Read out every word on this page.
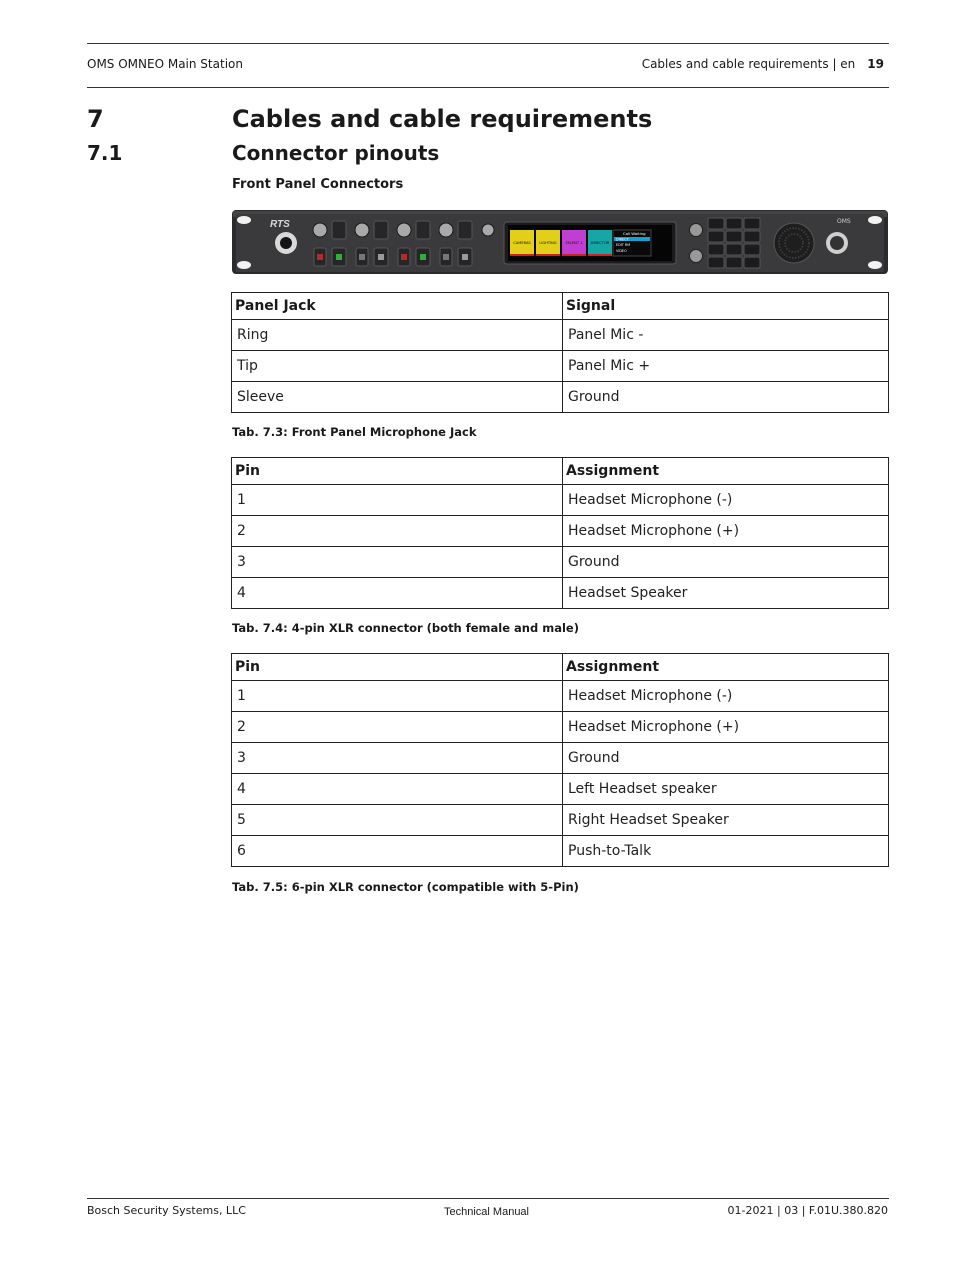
OMS OMNEO Main Station	Cables and cable requirements | en 19
7	Cables and cable requirements
7.1	Connector pinouts
Front Panel Connectors
RTS
CAMERAS LIGHTING TALENT 1 DIRECTOR
Call Waiting
DIRECT
EDIT RM
VIDEO
OMS
Panel Jack	Signal
Ring	Panel Mic -
Tip	Panel Mic +
Sleeve	Ground
Tab. 7.3: Front Panel Microphone Jack
Pin	Assignment
1	Headset Microphone (-)
2	Headset Microphone (+)
3	Ground
4	Headset Speaker
Tab. 7.4: 4-pin XLR connector (both female and male)
Pin	Assignment
1	Headset Microphone (-)
2	Headset Microphone (+)
3	Ground
4	Left Headset speaker
5	Right Headset Speaker
6	Push-to-Talk
Tab. 7.5: 6-pin XLR connector (compatible with 5-Pin)
Bosch Security Systems, LLC	Technical Manual	01-2021 | 03 | F.01U.380.820
